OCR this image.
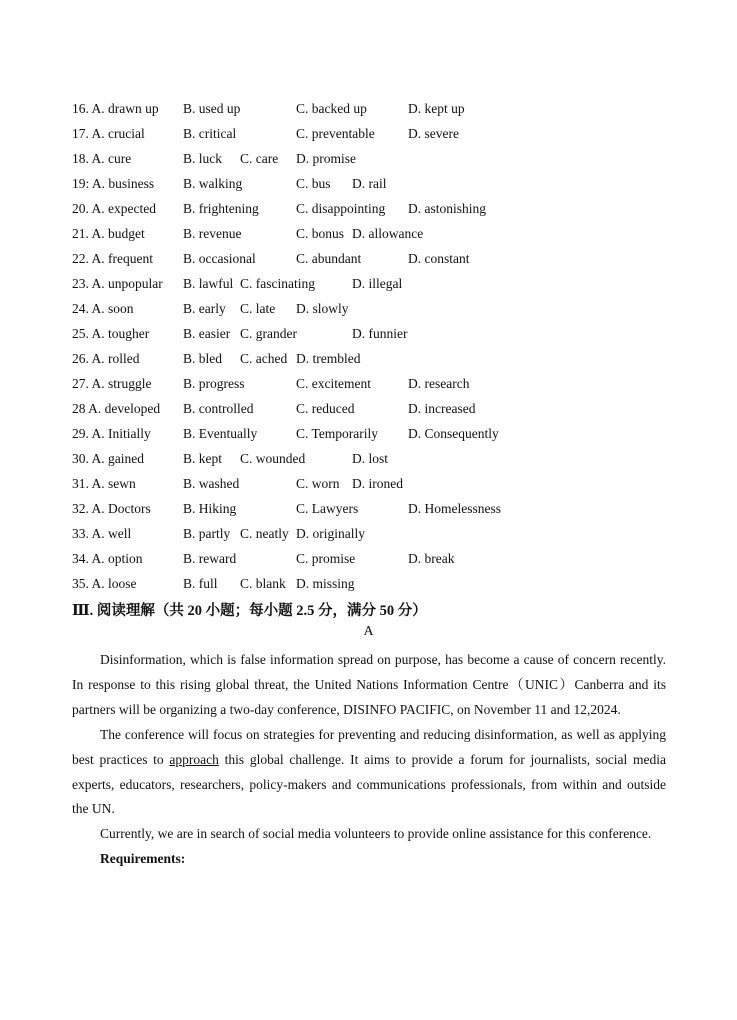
16. A. drawn up B. used up	C. backed up	D. kept up
17. A. crucial	B. critical	C. preventable D. severe
18. A. cure	B. luck C. care D. promise
19: A. business B. walking	C. bus D. rail
20. A. expected B. frightening	C. disappointing D. astonishing
21. A. budget	B. revenue	C. bonus D. allowance
22. A. frequent B. occasional	C. abundant	D. constant
23. A. unpopular B. lawful C. fascinating	D. illegal
24. A. soon	B. early C. late D. slowly
25. A. tougher	B. easier C. grander	D. funnier
26. A. rolled	B. bled C. ached D. trembled
27. A. struggle B. progress	C. excitement	D. research
28 A. developed B. controlled	C. reduced	D. increased
29. A. Initially B. Eventually	C. Temporarily D. Consequently
30. A. gained	B. kept C. wounded	D. lost
31. A. sewn	B. washed	C. worn D. ironed
32. A. Doctors B. Hiking	C. Lawyers	D. Homelessness
33. A. well	B. partly C. neatly D. originally
34. A. option	B. reward	C. promise	D. break
35. A. loose	B. full C. blank D. missing
Ⅲ. 阅读理解（共 20 小题；每小题 2.5 分，满分 50 分）
A

Disinformation, which is false information spread on purpose, has become a cause of concern recently. In response to this rising global threat, the United Nations Information Centre（UNIC）Canberra and its partners will be organizing a two-day conference, DISINFO PACIFIC, on November 11 and 12,2024.

The conference will focus on strategies for preventing and reducing disinformation, as well as applying best practices to approach this global challenge. It aims to provide a forum for journalists, social media experts, educators, researchers, policy-makers and communications professionals, from within and outside the UN.

Currently, we are in search of social media volunteers to provide online assistance for this conference.

Requirements:
